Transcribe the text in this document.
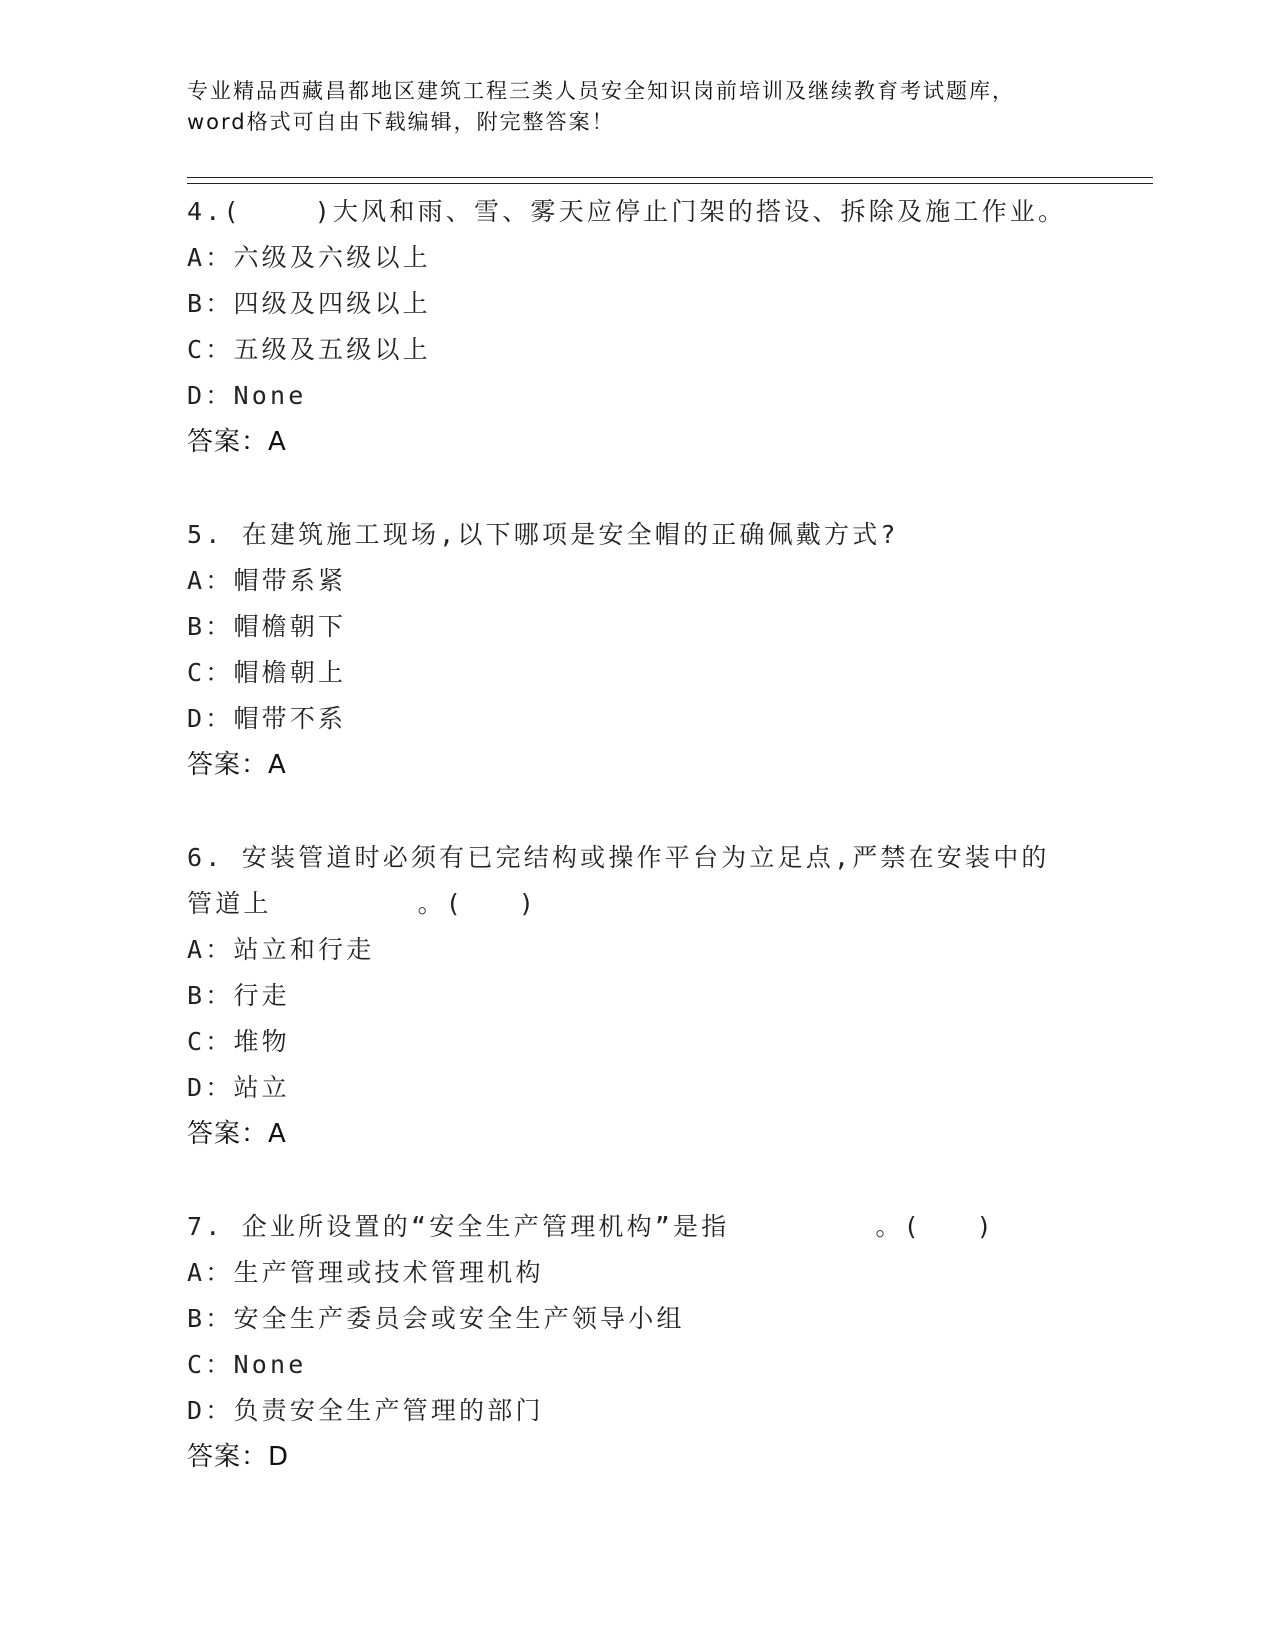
专业精品西藏昌都地区建筑工程三类人员安全知识岗前培训及继续教育考试题库，
word格式可自由下载编辑，附完整答案！
4.(    )大风和雨、雪、雾天应停止门架的搭设、拆除及施工作业。
A：六级及六级以上
B：四级及四级以上
C：五级及五级以上
D：None
答案：A
5. 在建筑施工现场,以下哪项是安全帽的正确佩戴方式?
A：帽带系紧
B：帽檐朝下
C：帽檐朝上
D：帽带不系
答案：A
6. 安装管道时必须有已完结构或操作平台为立足点,严禁在安装中的
管道上        。(   )
A：站立和行走
B：行走
C：堆物
D：站立
答案：A
7. 企业所设置的“安全生产管理机构”是指        。(   )
A：生产管理或技术管理机构
B：安全生产委员会或安全生产领导小组
C：None
D：负责安全生产管理的部门
答案：D
